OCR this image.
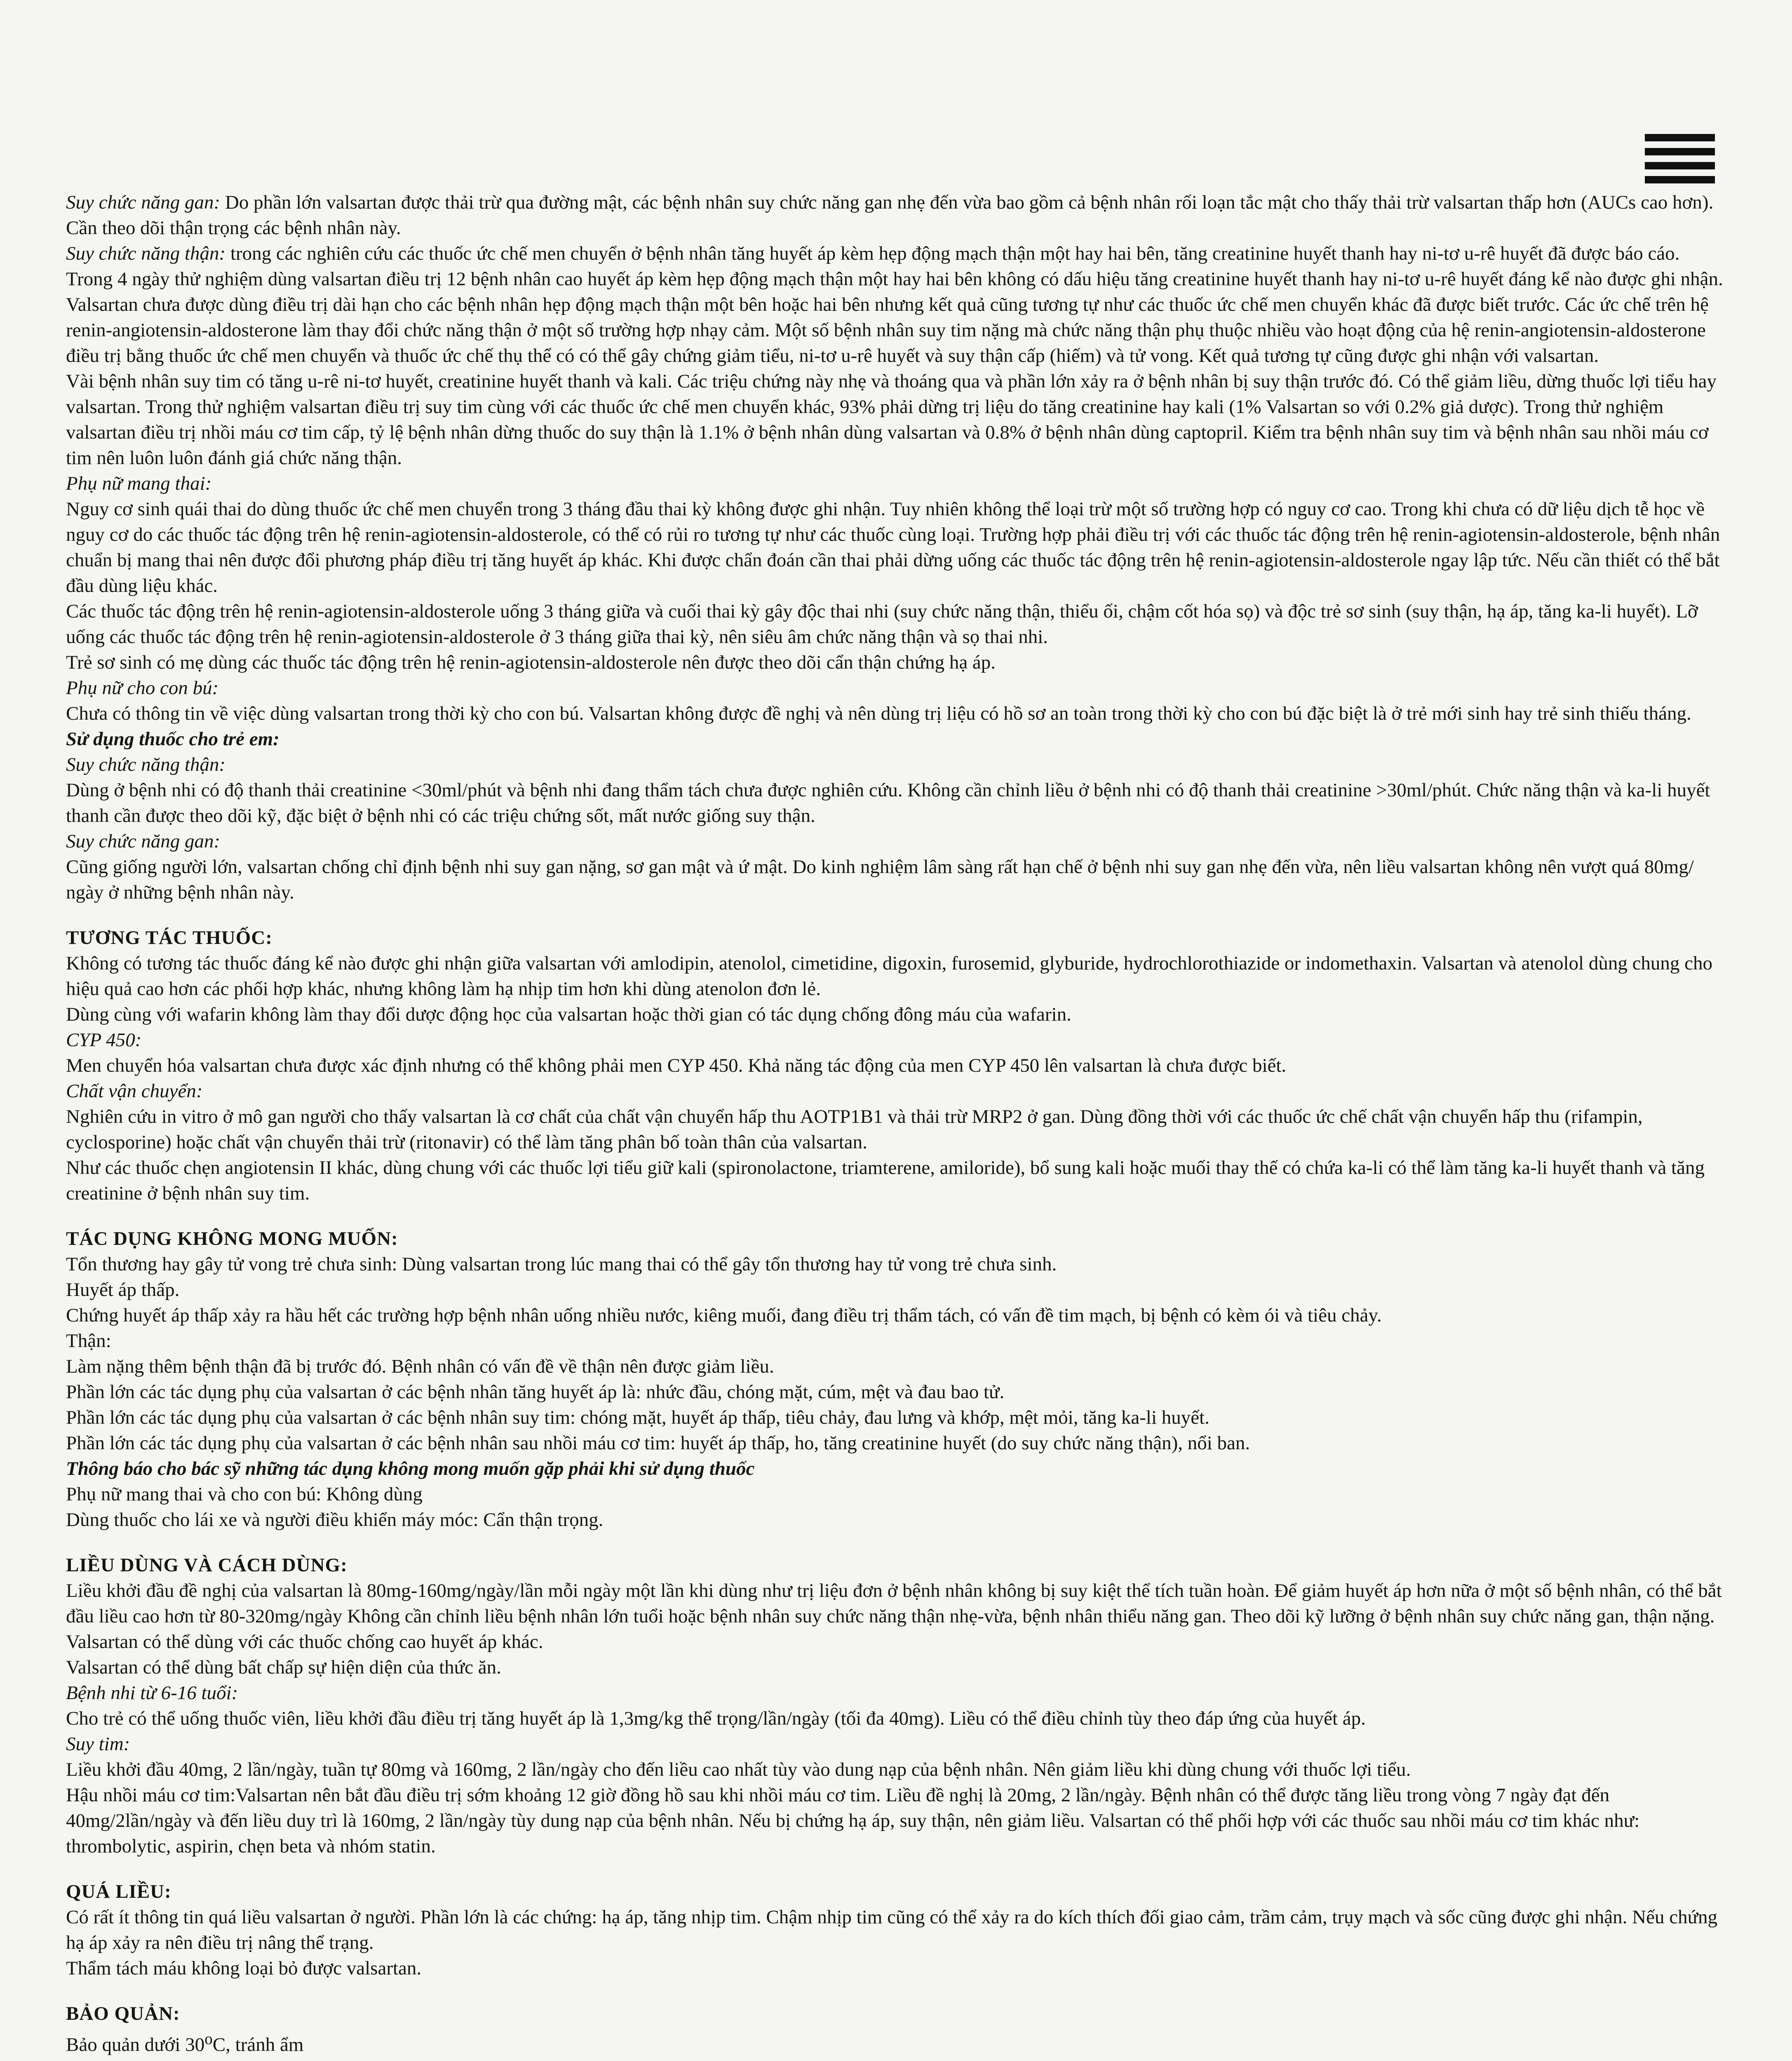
Suy chức năng gan: Do phần lớn valsartan được thải trừ qua đường mật, các bệnh nhân suy chức năng gan nhẹ đến vừa bao gồm cả bệnh nhân rối loạn tắc mật cho thấy thải trừ valsartan thấp hơn (AUCs cao hơn). Cần theo dõi thận trọng các bệnh nhân này.

Suy chức năng thận: trong các nghiên cứu các thuốc ức chế men chuyển ở bệnh nhân tăng huyết áp kèm hẹp động mạch thận một hay hai bên, tăng creatinine huyết thanh hay ni-tơ u-rê huyết đã được báo cáo. Trong 4 ngày thử nghiệm dùng valsartan điều trị 12 bệnh nhân cao huyết áp kèm hẹp động mạch thận một hay hai bên không có dấu hiệu tăng creatinine huyết thanh hay ni-tơ u-rê huyết đáng kể nào được ghi nhận. Valsartan chưa được dùng điều trị dài hạn cho các bệnh nhân hẹp động mạch thận một bên hoặc hai bên nhưng kết quả cũng tương tự như các thuốc ức chế men chuyển khác đã được biết trước. Các ức chế trên hệ renin-angiotensin-aldosterone làm thay đổi chức năng thận ở một số trường hợp nhạy cảm. Một số bệnh nhân suy tim nặng mà chức năng thận phụ thuộc nhiều vào hoạt động của hệ renin-angiotensin-aldosterone điều trị bằng thuốc ức chế men chuyển và thuốc ức chế thụ thể có có thể gây chứng giảm tiểu, ni-tơ u-rê huyết và suy thận cấp (hiếm) và tử vong. Kết quả tương tự cũng được ghi nhận với valsartan.

Vài bệnh nhân suy tim có tăng u-rê ni-tơ huyết, creatinine huyết thanh và kali. Các triệu chứng này nhẹ và thoáng qua và phần lớn xảy ra ở bệnh nhân bị suy thận trước đó. Có thể giảm liều, dừng thuốc lợi tiểu hay valsartan. Trong thử nghiệm valsartan điều trị suy tim cùng với các thuốc ức chế men chuyển khác, 93% phải dừng trị liệu do tăng creatinine hay kali (1% Valsartan so với 0.2% giả dược). Trong thử nghiệm valsartan điều trị nhồi máu cơ tim cấp, tỷ lệ bệnh nhân dừng thuốc do suy thận là 1.1% ở bệnh nhân dùng valsartan và 0.8% ở bệnh nhân dùng captopril. Kiểm tra bệnh nhân suy tim và bệnh nhân sau nhồi máu cơ tim nên luôn luôn đánh giá chức năng thận.

Phụ nữ mang thai:

Nguy cơ sinh quái thai do dùng thuốc ức chế men chuyển trong 3 tháng đầu thai kỳ không được ghi nhận. Tuy nhiên không thể loại trừ một số trường hợp có nguy cơ cao. Trong khi chưa có dữ liệu dịch tễ học về nguy cơ do các thuốc tác động trên hệ renin-agiotensin-aldosterole, có thể có rủi ro tương tự như các thuốc cùng loại. Trường hợp phải điều trị với các thuốc tác động trên hệ renin-agiotensin-aldosterole, bệnh nhân chuẩn bị mang thai nên được đổi phương pháp điều trị tăng huyết áp khác. Khi được chẩn đoán cần thai phải dừng uống các thuốc tác động trên hệ renin-agiotensin-aldosterole ngay lập tức. Nếu cần thiết có thể bắt đầu dùng liệu khác.

Các thuốc tác động trên hệ renin-agiotensin-aldosterole uống 3 tháng giữa và cuối thai kỳ gây độc thai nhi (suy chức năng thận, thiểu ối, chậm cốt hóa sọ) và độc trẻ sơ sinh (suy thận, hạ áp, tăng ka-li huyết). Lỡ uống các thuốc tác động trên hệ renin-agiotensin-aldosterole ở 3 tháng giữa thai kỳ, nên siêu âm chức năng thận và sọ thai nhi.

Trẻ sơ sinh có mẹ dùng các thuốc tác động trên hệ renin-agiotensin-aldosterole nên được theo dõi cẩn thận chứng hạ áp.

Phụ nữ cho con bú:

Chưa có thông tin về việc dùng valsartan trong thời kỳ cho con bú. Valsartan không được đề nghị và nên dùng trị liệu có hồ sơ an toàn trong thời kỳ cho con bú đặc biệt là ở trẻ mới sinh hay trẻ sinh thiếu tháng.

Sử dụng thuốc cho trẻ em:

Suy chức năng thận:

Dùng ở bệnh nhi có độ thanh thải creatinine <30ml/phút và bệnh nhi đang thẩm tách chưa được nghiên cứu. Không cần chỉnh liều ở bệnh nhi có độ thanh thải creatinine >30ml/phút. Chức năng thận và ka-li huyết thanh cần được theo dõi kỹ, đặc biệt ở bệnh nhi có các triệu chứng sốt, mất nước giống suy thận.

Suy chức năng gan:

Cũng giống người lớn, valsartan chống chỉ định bệnh nhi suy gan nặng, sơ gan mật và ứ mật. Do kinh nghiệm lâm sàng rất hạn chế ở bệnh nhi suy gan nhẹ đến vừa, nên liều valsartan không nên vượt quá 80mg/ ngày ở những bệnh nhân này.

TƯƠNG TÁC THUỐC:

Không có tương tác thuốc đáng kể nào được ghi nhận giữa valsartan với amlodipin, atenolol, cimetidine, digoxin, furosemid, glyburide, hydrochlorothiazide or indomethaxin. Valsartan và atenolol dùng chung cho hiệu quả cao hơn các phối hợp khác, nhưng không làm hạ nhịp tim hơn khi dùng atenolon đơn lẻ.

Dùng cùng với wafarin không làm thay đổi dược động học của valsartan hoặc thời gian có tác dụng chống đông máu của wafarin.

CYP 450:

Men chuyển hóa valsartan chưa được xác định nhưng có thể không phải men CYP 450. Khả năng tác động của men CYP 450 lên valsartan là chưa được biết.

Chất vận chuyển:

Nghiên cứu in vitro ở mô gan người cho thấy valsartan là cơ chất của chất vận chuyển hấp thu AOTP1B1 và thải trừ MRP2 ở gan. Dùng đồng thời với các thuốc ức chế chất vận chuyển hấp thu (rifampin, cyclosporine) hoặc chất vận chuyển thải trừ (ritonavir) có thể làm tăng phân bố toàn thân của valsartan.

Như các thuốc chẹn angiotensin II khác, dùng chung với các thuốc lợi tiểu giữ kali (spironolactone, triamterene, amiloride), bổ sung kali hoặc muối thay thế có chứa ka-li có thể làm tăng ka-li huyết thanh và tăng creatinine ở bệnh nhân suy tim.

TÁC DỤNG KHÔNG MONG MUỐN:

Tổn thương hay gây tử vong trẻ chưa sinh: Dùng valsartan trong lúc mang thai có thể gây tổn thương hay tử vong trẻ chưa sinh.

Huyết áp thấp.

Chứng huyết áp thấp xảy ra hầu hết các trường hợp bệnh nhân uống nhiều nước, kiêng muối, đang điều trị thẩm tách, có vấn đề tim mạch, bị bệnh có kèm ói và tiêu chảy.

Thận:

Làm nặng thêm bệnh thận đã bị trước đó. Bệnh nhân có vấn đề về thận nên được giảm liều.

Phần lớn các tác dụng phụ của valsartan ở các bệnh nhân tăng huyết áp là: nhức đầu, chóng mặt, cúm, mệt và đau bao tử.

Phần lớn các tác dụng phụ của valsartan ở các bệnh nhân suy tim: chóng mặt, huyết áp thấp, tiêu chảy, đau lưng và khớp, mệt mỏi, tăng ka-li huyết.

Phần lớn các tác dụng phụ của valsartan ở các bệnh nhân sau nhồi máu cơ tim: huyết áp thấp, ho, tăng creatinine huyết (do suy chức năng thận), nổi ban.

Thông báo cho bác sỹ những tác dụng không mong muốn gặp phải khi sử dụng thuốc

Phụ nữ mang thai và cho con bú: Không dùng

Dùng thuốc cho lái xe và người điều khiển máy móc: Cẩn thận trọng.

LIỀU DÙNG VÀ CÁCH DÙNG:

Liều khởi đầu đề nghị của valsartan là 80mg-160mg/ngày/lần mỗi ngày một lần khi dùng như trị liệu đơn ở bệnh nhân không bị suy kiệt thể tích tuần hoàn. Để giảm huyết áp hơn nữa ở một số bệnh nhân, có thể bắt đầu liều cao hơn từ 80-320mg/ngày Không cần chỉnh liều bệnh nhân lớn tuổi hoặc bệnh nhân suy chức năng thận nhẹ-vừa, bệnh nhân thiểu năng gan. Theo dõi kỹ lưỡng ở bệnh nhân suy chức năng gan, thận nặng.

Valsartan có thể dùng với các thuốc chống cao huyết áp khác.

Valsartan có thể dùng bất chấp sự hiện diện của thức ăn.

Bệnh nhi từ 6-16 tuổi:

Cho trẻ có thể uống thuốc viên, liều khởi đầu điều trị tăng huyết áp là 1,3mg/kg thể trọng/lần/ngày (tối đa 40mg). Liều có thể điều chỉnh tùy theo đáp ứng của huyết áp.

Suy tim:

Liều khởi đầu 40mg, 2 lần/ngày, tuần tự 80mg và 160mg, 2 lần/ngày cho đến liều cao nhất tùy vào dung nạp của bệnh nhân. Nên giảm liều khi dùng chung với thuốc lợi tiểu.

Hậu nhồi máu cơ tim:Valsartan nên bắt đầu điều trị sớm khoảng 12 giờ đồng hồ sau khi nhồi máu cơ tim. Liều đề nghị là 20mg, 2 lần/ngày. Bệnh nhân có thể được tăng liều trong vòng 7 ngày đạt đến 40mg/2lần/ngày và đến liều duy trì là 160mg, 2 lần/ngày tùy dung nạp của bệnh nhân. Nếu bị chứng hạ áp, suy thận, nên giảm liều. Valsartan có thể phối hợp với các thuốc sau nhồi máu cơ tim khác như: thrombolytic, aspirin, chẹn beta và nhóm statin.

QUÁ LIỀU:

Có rất ít thông tin quá liều valsartan ở người. Phần lớn là các chứng: hạ áp, tăng nhịp tim. Chậm nhịp tim cũng có thể xảy ra do kích thích đối giao cảm, trầm cảm, trụy mạch và sốc cũng được ghi nhận. Nếu chứng hạ áp xảy ra nên điều trị nâng thể trạng.

Thẩm tách máu không loại bỏ được valsartan.

BẢO QUẢN:

Bảo quản dưới 30$^o$C, tránh ẩm
